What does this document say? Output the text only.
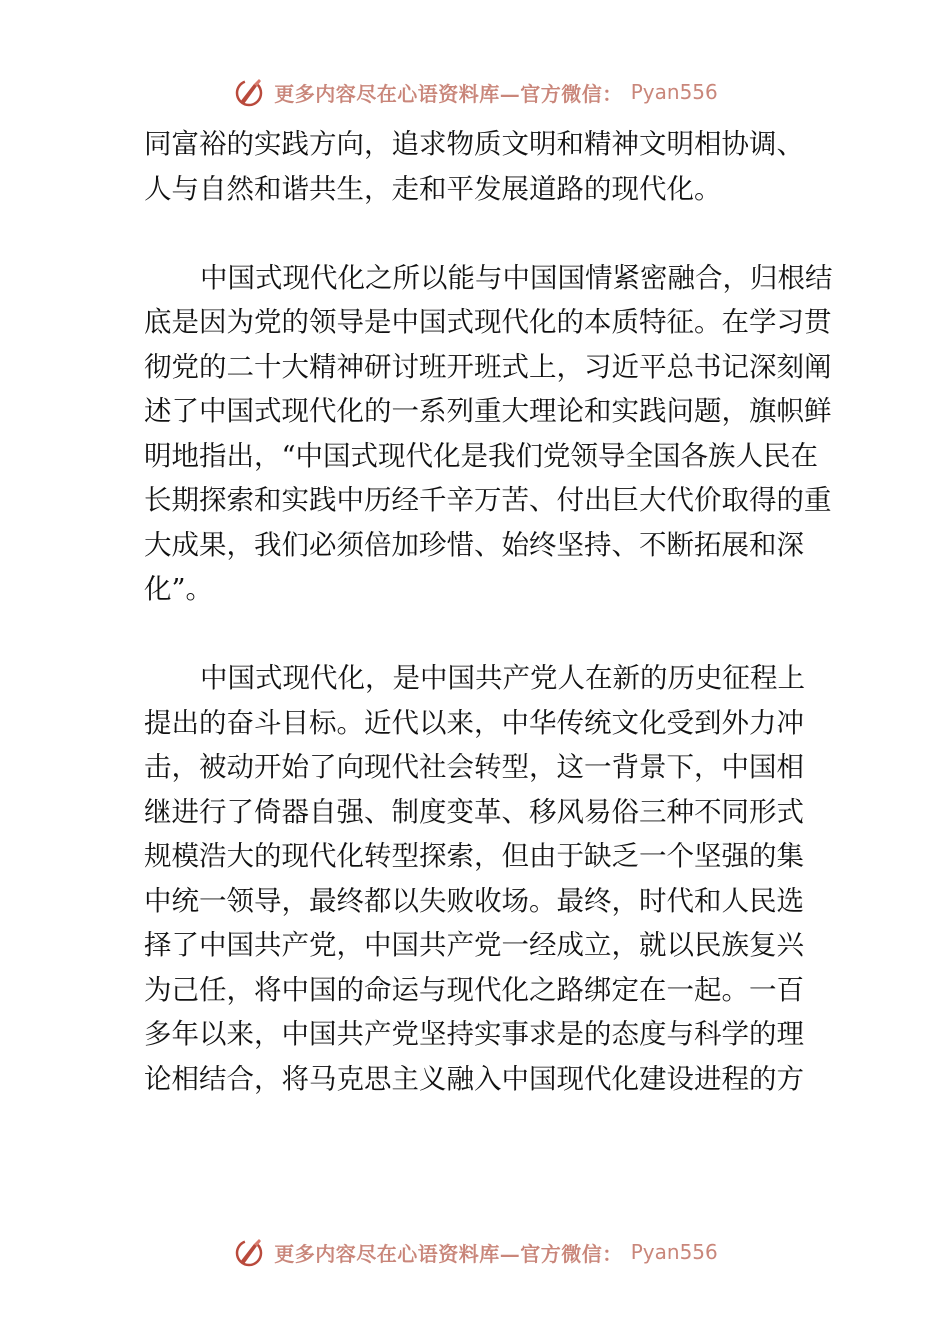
更多内容尽在心语资料库—官方微信： Pyan556
同富裕的实践方向，追求物质文明和精神文明相协调、
人与自然和谐共生，走和平发展道路的现代化。
中国式现代化之所以能与中国国情紧密融合，归根结
底是因为党的领导是中国式现代化的本质特征。在学习贯
彻党的二十大精神研讨班开班式上，习近平总书记深刻阐
述了中国式现代化的一系列重大理论和实践问题，旗帜鲜
明地指出，“中国式现代化是我们党领导全国各族人民在
长期探索和实践中历经千辛万苦、付出巨大代价取得的重
大成果，我们必须倍加珍惜、始终坚持、不断拓展和深
化”。
中国式现代化，是中国共产党人在新的历史征程上
提出的奋斗目标。近代以来，中华传统文化受到外力冲
击，被动开始了向现代社会转型，这一背景下，中国相
继进行了倚器自强、制度变革、移风易俗三种不同形式
规模浩大的现代化转型探索，但由于缺乏一个坚强的集
中统一领导，最终都以失败收场。最终，时代和人民选
择了中国共产党，中国共产党一经成立，就以民族复兴
为己任，将中国的命运与现代化之路绑定在一起。一百
多年以来，中国共产党坚持实事求是的态度与科学的理
论相结合，将马克思主义融入中国现代化建设进程的方
更多内容尽在心语资料库—官方微信： Pyan556
